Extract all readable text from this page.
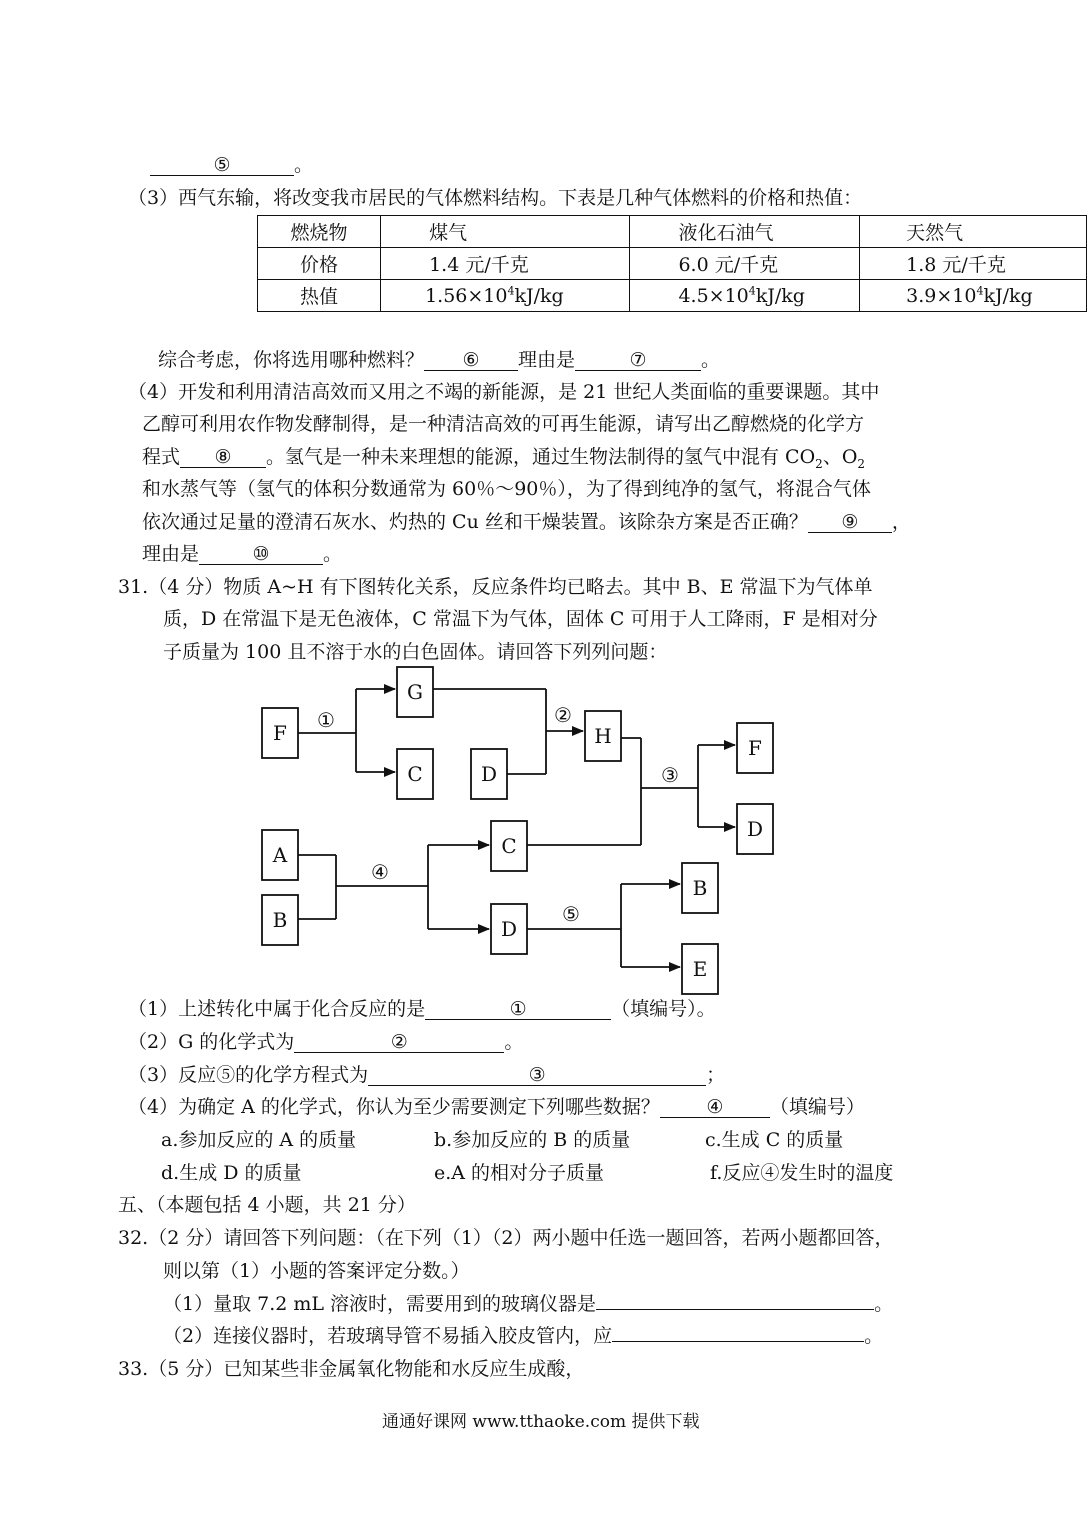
⑤	。
（3）西气东输，将改变我市居民的气体燃料结构。下表是几种气体燃料的价格和热值：
燃烧物	煤气	液化石油气	天然气
价格	1.4 元/千克	6.0 元/千克	1.8 元/千克
热值	$1.56\times 10^4kJ/kg$	$4.5\times 10^4kJ/kg$	$3.9\times 10^4kJ/kg$
综合考虑，你将选用哪种燃料？ ⑥ 理由是	⑦	。
（4）开发和利用清洁高效而又用之不竭的新能源，是 21 世纪人类面临的重要课题。其中
乙醇可利用农作物发酵制得，是一种清洁高效的可再生能源，请写出乙醇燃烧的化学方
程式 ⑧ 。氢气是一种未来理想的能源，通过生物法制得的氢气中混有 $CO_2$、$O_2$
和水蒸气等（氢气的体积分数通常为 60％～90％），为了得到纯净的氢气，将混合气体
依次通过足量的澄清石灰水、灼热的 Cu 丝和干燥装置。该除杂方案是否正确？ ⑨ ，
理由是	⑩	。
31.（4 分）物质 A~H 有下图转化关系，反应条件均已略去。其中 B、E 常温下为气体单
质，D 在常温下是无色液体，C 常温下为气体，固体 C 可用于人工降雨，F 是相对分
子质量为 100 且不溶于水的白色固体。请回答下列列问题：
F
G
C	D
H	F
D
A
B
C
D
B
E
①	②
③
④
⑤
（1）上述转化中属于化合反应的是	①	（填编号）。
（2）G 的化学式为	②	。
（3）反应⑤的化学方程式为	③	；
（4）为确定 A 的化学式，你认为至少需要测定下列哪些数据？ ④ （填编号）
a.参加反应的 A 的质量	b.参加反应的 B 的质量	c.生成 C 的质量
d.生成 D 的质量	e.A 的相对分子质量	f.反应④发生时的温度
五、（本题包括 4 小题，共 21 分）
32.（2 分）请回答下列问题：（在下列（1）（2）两小题中任选一题回答，若两小题都回答，
则以第（1）小题的答案评定分数。）
（1）量取 7.2 mL 溶液时，需要用到的玻璃仪器是	。
（2）连接仪器时，若玻璃导管不易插入胶皮管内，应	。
33.（5 分）已知某些非金属氧化物能和水反应生成酸，
通通好课网 www.tthaoke.com 提供下载
